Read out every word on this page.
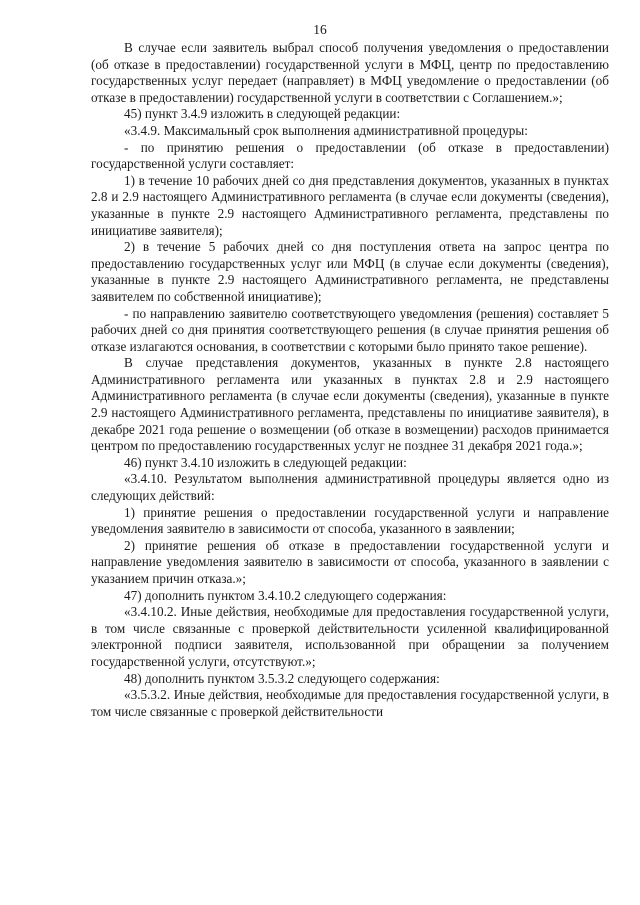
16

В случае если заявитель выбрал способ получения уведомления о предоставлении (об отказе в предоставлении) государственной услуги в МФЦ, центр по предоставлению государственных услуг передает (направляет) в МФЦ уведомление о предоставлении (об отказе в предоставлении) государственной услуги в соответствии с Соглашением.»;

45) пункт 3.4.9 изложить в следующей редакции:

«3.4.9. Максимальный срок выполнения административной процедуры:

- по принятию решения о предоставлении (об отказе в предоставлении) государственной услуги составляет:

1) в течение 10 рабочих дней со дня представления документов, указанных в пунктах 2.8 и 2.9 настоящего Административного регламента (в случае если документы (сведения), указанные в пункте 2.9 настоящего Административного регламента, представлены по инициативе заявителя);

2) в течение 5 рабочих дней со дня поступления ответа на запрос центра по предоставлению государственных услуг или МФЦ (в случае если документы (сведения), указанные в пункте 2.9 настоящего Административного регламента, не представлены заявителем по собственной инициативе);

- по направлению заявителю соответствующего уведомления (решения) составляет 5 рабочих дней со дня принятия соответствующего решения (в случае принятия решения об отказе излагаются основания, в соответствии с которыми было принято такое решение).

В случае представления документов, указанных в пункте 2.8 настоящего Административного регламента или указанных в пунктах 2.8 и 2.9 настоящего Административного регламента (в случае если документы (сведения), указанные в пункте 2.9 настоящего Административного регламента, представлены по инициативе заявителя), в декабре 2021 года решение о возмещении (об отказе в возмещении) расходов принимается центром по предоставлению государственных услуг не позднее 31 декабря 2021 года.»;

46) пункт 3.4.10 изложить в следующей редакции:

«3.4.10. Результатом выполнения административной процедуры является одно из следующих действий:

1) принятие решения о предоставлении государственной услуги и направление уведомления заявителю в зависимости от способа, указанного в заявлении;

2) принятие решения об отказе в предоставлении государственной услуги и направление уведомления заявителю в зависимости от способа, указанного в заявлении с указанием причин отказа.»;

47) дополнить пунктом 3.4.10.2 следующего содержания:

«3.4.10.2. Иные действия, необходимые для предоставления государственной услуги, в том числе связанные с проверкой действительности усиленной квалифицированной электронной подписи заявителя, использованной при обращении за получением государственной услуги, отсутствуют.»;

48) дополнить пунктом 3.5.3.2 следующего содержания:

«3.5.3.2. Иные действия, необходимые для предоставления государственной услуги, в том числе связанные с проверкой действительности
